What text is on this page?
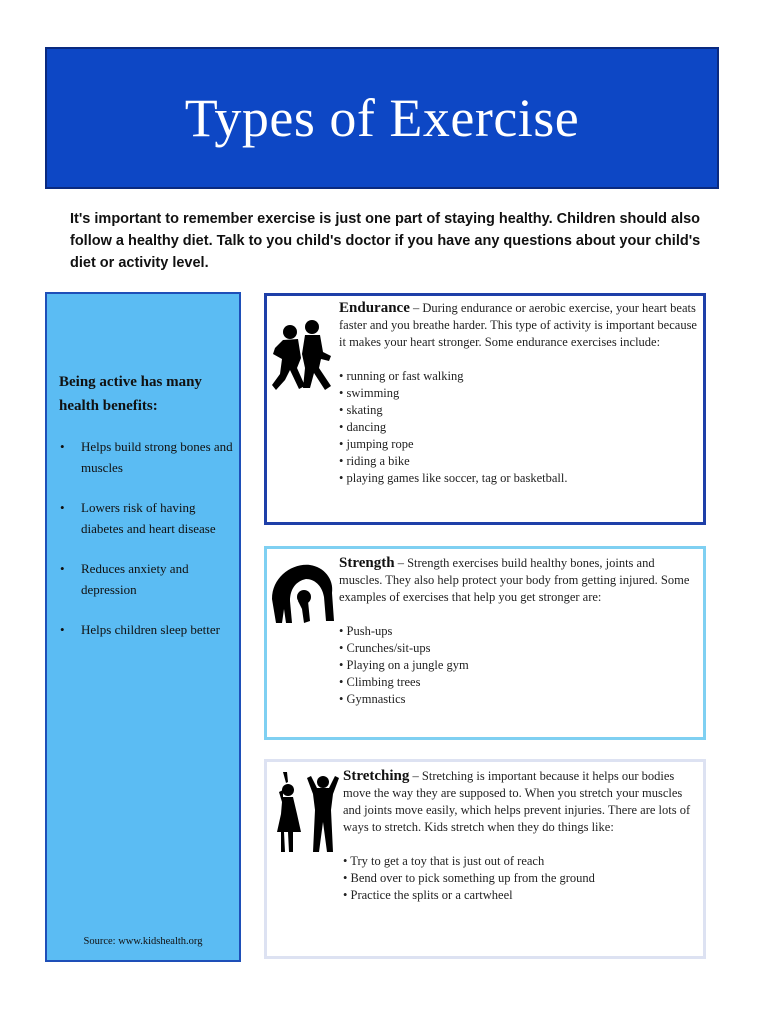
Types of Exercise
It's important to remember exercise is just one part of staying healthy. Children should also follow a healthy diet. Talk to you child's doctor if you have any questions about your child's diet or activity level.
Being active has many health benefits:
• Helps build strong bones and muscles
• Lowers risk of having diabetes and heart disease
• Reduces anxiety and depression
• Helps children sleep better
Source: www.kidshealth.org
Endurance – During endurance or aerobic exercise, your heart beats faster and you breathe harder. This type of activity is important because it makes your heart stronger. Some endurance exercises include:
• running or fast walking
• swimming
• skating
• dancing
• jumping rope
• riding a bike
• playing games like soccer, tag or basketball.
Strength – Strength exercises build healthy bones, joints and muscles. They also help protect your body from getting injured. Some examples of exercises that help you get stronger are:
• Push-ups
• Crunches/sit-ups
• Playing on a jungle gym
• Climbing trees
• Gymnastics
Stretching – Stretching is important because it helps our bodies move the way they are supposed to. When you stretch your muscles and joints move easily, which helps prevent injuries. There are lots of ways to stretch. Kids stretch when they do things like:
• Try to get a toy that is just out of reach
• Bend over to pick something up from the ground
• Practice the splits or a cartwheel
